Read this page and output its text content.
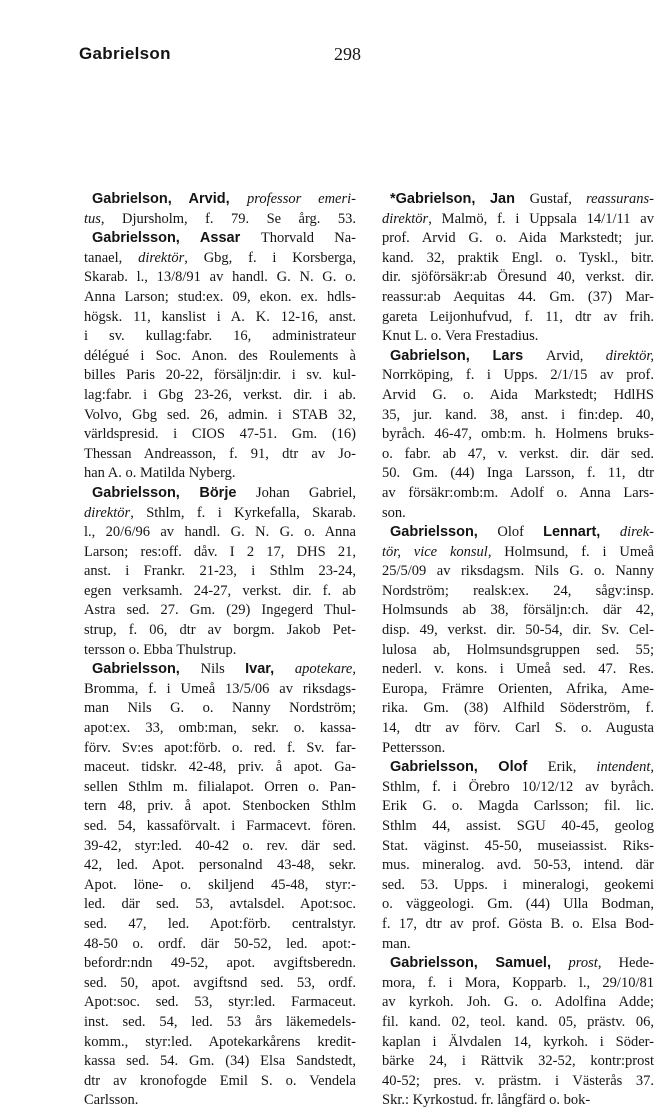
Gabrielson	298
Gabrielson, Arvid, professor emeri-
tus, Djursholm, f. 79. Se årg. 53.
Gabrielsson, Assar Thorvald Na-
tanael, direktör, Gbg, f. i Korsberga,
Skarab. l., 13/8/91 av handl. G. N. G. o.
Anna Larson; stud:ex. 09, ekon. ex. hdls-
högsk. 11, kanslist i A. K. 12-16, anst.
i sv. kullag:fabr. 16, administrateur
délégué i Soc. Anon. des Roulements à
billes Paris 20-22, försäljn:dir. i sv. kul-
lag:fabr. i Gbg 23-26, verkst. dir. i ab.
Volvo, Gbg sed. 26, admin. i STAB 32,
världspresid. i CIOS 47-51. Gm. (16)
Thessan Andreasson, f. 91, dtr av Jo-
han A. o. Matilda Nyberg.
Gabrielsson, Börje Johan Gabriel,
direktör, Sthlm, f. i Kyrkefalla, Skarab.
l., 20/6/96 av handl. G. N. G. o. Anna
Larson; res:off. dåv. I 2 17, DHS 21,
anst. i Frankr. 21-23, i Sthlm 23-24,
egen verksamh. 24-27, verkst. dir. f. ab
Astra sed. 27. Gm. (29) Ingegerd Thul-
strup, f. 06, dtr av borgm. Jakob Pet-
tersson o. Ebba Thulstrup.
Gabrielsson, Nils Ivar, apotekare,
Bromma, f. i Umeå 13/5/06 av riksdags-
man Nils G. o. Nanny Nordström;
apot:ex. 33, omb:man, sekr. o. kassa-
förv. Sv:es apot:förb. o. red. f. Sv. far-
maceut. tidskr. 42-48, priv. å apot. Ga-
sellen Sthlm m. filialapot. Orren o. Pan-
tern 48, priv. å apot. Stenbocken Sthlm
sed. 54, kassaförvalt. i Farmacevt. fören.
39-42, styr:led. 40-42 o. rev. där sed.
42, led. Apot. personalnd 43-48, sekr.
Apot. löne- o. skiljend 45-48, styr:-
led. där sed. 53, avtalsdel. Apot:soc.
sed. 47, led. Apot:förb. centralstyr.
48-50 o. ordf. där 50-52, led. apot:-
befordr:ndn 49-52, apot. avgiftsberedn.
sed. 50, apot. avgiftsnd sed. 53, ordf.
Apot:soc. sed. 53, styr:led. Farmaceut.
inst. sed. 54, led. 53 års läkemedels-
komm., styr:led. Apotekarkårens kredit-
kassa sed. 54. Gm. (34) Elsa Sandstedt,
dtr av kronofogde Emil S. o. Vendela
Carlsson.
*Gabrielson, Jan Gustaf, reassurans-
direktör, Malmö, f. i Uppsala 14/1/11 av
prof. Arvid G. o. Aida Markstedt; jur.
kand. 32, praktik Engl. o. Tyskl., bitr.
dir. sjöförsäkr:ab Öresund 40, verkst. dir.
reassur:ab Aequitas 44. Gm. (37) Mar-
gareta Leijonhufvud, f. 11, dtr av frih.
Knut L. o. Vera Frestadius.
Gabrielson, Lars Arvid, direktör,
Norrköping, f. i Upps. 2/1/15 av prof.
Arvid G. o. Aida Markstedt; HdlHS
35, jur. kand. 38, anst. i fin:dep. 40,
byråch. 46-47, omb:m. h. Holmens bruks-
o. fabr. ab 47, v. verkst. dir. där sed.
50. Gm. (44) Inga Larsson, f. 11, dtr
av försäkr:omb:m. Adolf o. Anna Lars-
son.
Gabrielsson, Olof Lennart, direk-
tör, vice konsul, Holmsund, f. i Umeå
25/5/09 av riksdagsm. Nils G. o. Nanny
Nordström; realsk:ex. 24, sågv:insp.
Holmsunds ab 38, försäljn:ch. där 42,
disp. 49, verkst. dir. 50-54, dir. Sv. Cel-
lulosa ab, Holmsundsgruppen sed. 55;
nederl. v. kons. i Umeå sed. 47. Res.
Europa, Främre Orienten, Afrika, Ame-
rika. Gm. (38) Alfhild Söderström, f.
14, dtr av förv. Carl S. o. Augusta
Pettersson.
Gabrielsson, Olof Erik, intendent,
Sthlm, f. i Örebro 10/12/12 av byråch.
Erik G. o. Magda Carlsson; fil. lic.
Sthlm 44, assist. SGU 40-45, geolog
Stat. väginst. 45-50, museiassist. Riks-
mus. mineralog. avd. 50-53, intend. där
sed. 53. Upps. i mineralogi, geokemi
o. väggeologi. Gm. (44) Ulla Bodman,
f. 17, dtr av prof. Gösta B. o. Elsa Bod-
man.
Gabrielsson, Samuel, prost, Hede-
mora, f. i Mora, Kopparb. l., 29/10/81
av kyrkoh. Joh. G. o. Adolfina Adde;
fil. kand. 02, teol. kand. 05, prästv. 06,
kaplan i Älvdalen 14, kyrkoh. i Söder-
bärke 24, i Rättvik 32-52, kontr:prost
40-52; pres. v. prästm. i Västerås 37.
Skr.: Kyrkostud. fr. långfärd o. bok-
